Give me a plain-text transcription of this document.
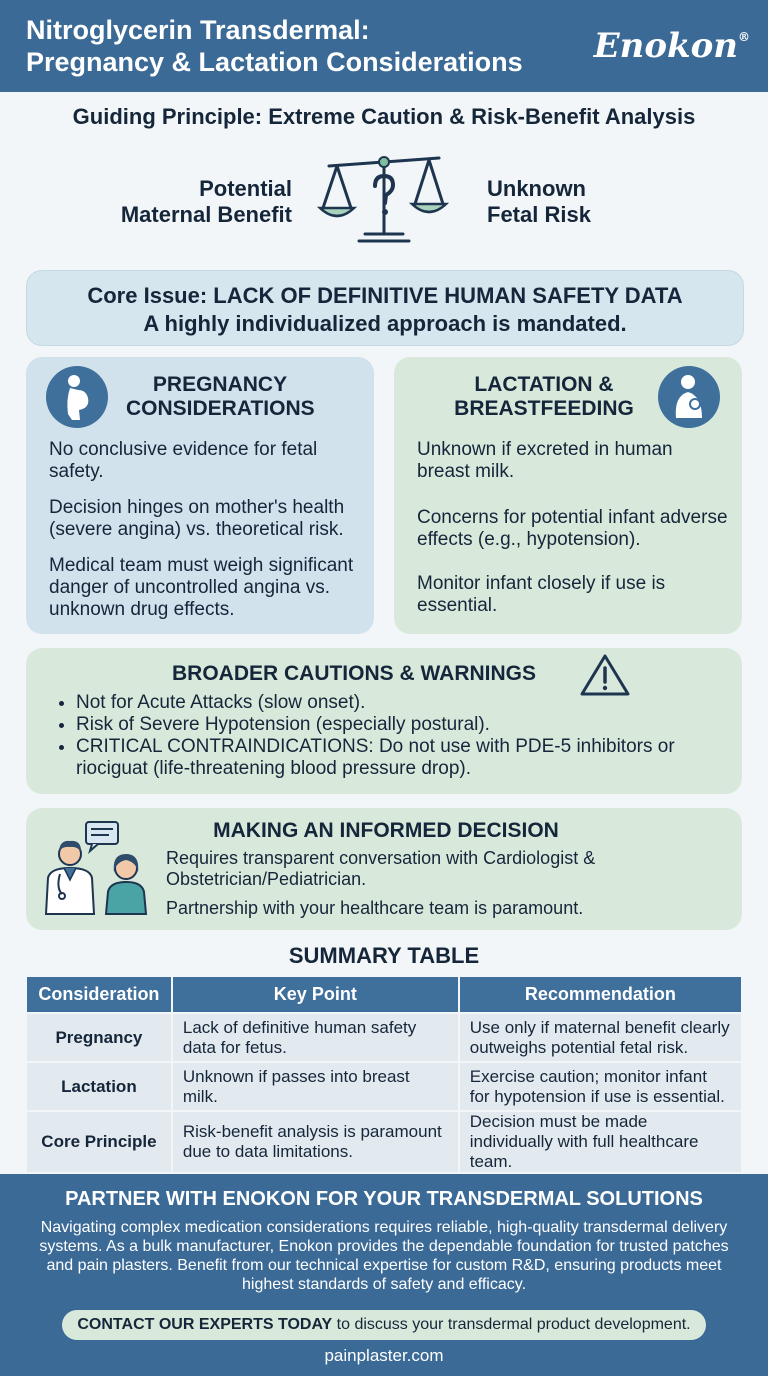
Nitroglycerin Transdermal:
Pregnancy & Lactation Considerations Enokon®
Guiding Principle: Extreme Caution & Risk-Benefit Analysis
Potential
Maternal Benefit
Unknown
Fetal Risk
Core Issue: LACK OF DEFINITIVE HUMAN SAFETY DATA
A highly individualized approach is mandated.
PREGNANCY
CONSIDERATIONS
No conclusive evidence for fetal safety.
Decision hinges on mother's health (severe angina) vs. theoretical risk.
Medical team must weigh significant danger of uncontrolled angina vs. unknown drug effects.
LACTATION &
BREASTFEEDING
Unknown if excreted in human breast milk.
Concerns for potential infant adverse effects (e.g., hypotension).
Monitor infant closely if use is essential.
BROADER CAUTIONS & WARNINGS
• Not for Acute Attacks (slow onset).
• Risk of Severe Hypotension (especially postural).
• CRITICAL CONTRAINDICATIONS: Do not use with PDE-5 inhibitors or riociguat (life-threatening blood pressure drop).
MAKING AN INFORMED DECISION
Requires transparent conversation with Cardiologist & Obstetrician/Pediatrician.
Partnership with your healthcare team is paramount.
SUMMARY TABLE
Consideration	Key Point	Recommendation
Pregnancy	Lack of definitive human safety data for fetus.	Use only if maternal benefit clearly outweighs potential fetal risk.
Lactation	Unknown if passes into breast milk.	Exercise caution; monitor infant for hypotension if use is essential.
Core Principle	Risk-benefit analysis is paramount due to data limitations.	Decision must be made individually with full healthcare team.
PARTNER WITH ENOKON FOR YOUR TRANSDERMAL SOLUTIONS
Navigating complex medication considerations requires reliable, high-quality transdermal delivery systems. As a bulk manufacturer, Enokon provides the dependable foundation for trusted patches and pain plasters. Benefit from our technical expertise for custom R&D, ensuring products meet highest standards of safety and efficacy.
CONTACT OUR EXPERTS TODAY to discuss your transdermal product development.
painplaster.com
